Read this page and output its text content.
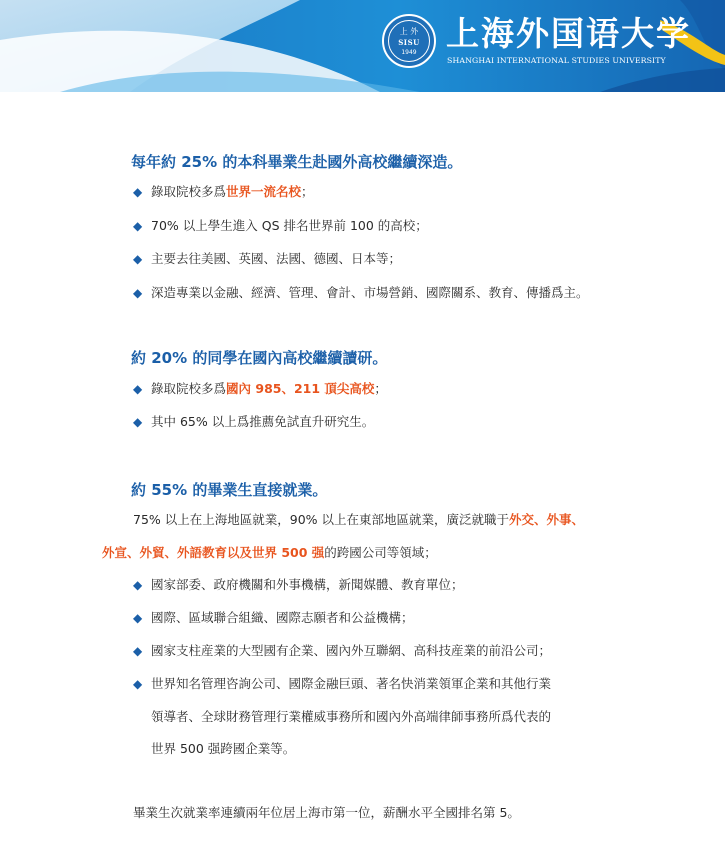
上 外
SISU
1949 上海外国语大学
SHANGHAI INTERNATIONAL STUDIES UNIVERSITY
每年約 25% 的本科畢業生赴國外高校繼續深造。
◆ 錄取院校多爲世界一流名校；
◆ 70% 以上學生進入 QS 排名世界前 100 的高校；
◆ 主要去往美國、英國、法國、德國、日本等；
◆ 深造專業以金融、經濟、管理、會計、市場營銷、國際關系、教育、傳播爲主。
約 20% 的同學在國內高校繼續讀研。
◆ 錄取院校多爲國內 985、211 頂尖高校；
◆ 其中 65% 以上爲推薦免試直升研究生。
約 55% 的畢業生直接就業。
75% 以上在上海地區就業，90% 以上在東部地區就業，廣泛就職于外交、外事、
外宣、外貿、外語教育以及世界 500 强的跨國公司等領域；
◆ 國家部委、政府機關和外事機構，新聞媒體、教育單位；
◆ 國際、區域聯合組織、國際志願者和公益機構；
◆ 國家支柱産業的大型國有企業、國內外互聯網、高科技産業的前沿公司；
◆ 世界知名管理咨詢公司、國際金融巨頭、著名快消業領軍企業和其他行業
領導者、全球財務管理行業權威事務所和國內外高端律師事務所爲代表的
世界 500 强跨國企業等。
畢業生次就業率連續兩年位居上海市第一位，薪酬水平全國排名第 5。
